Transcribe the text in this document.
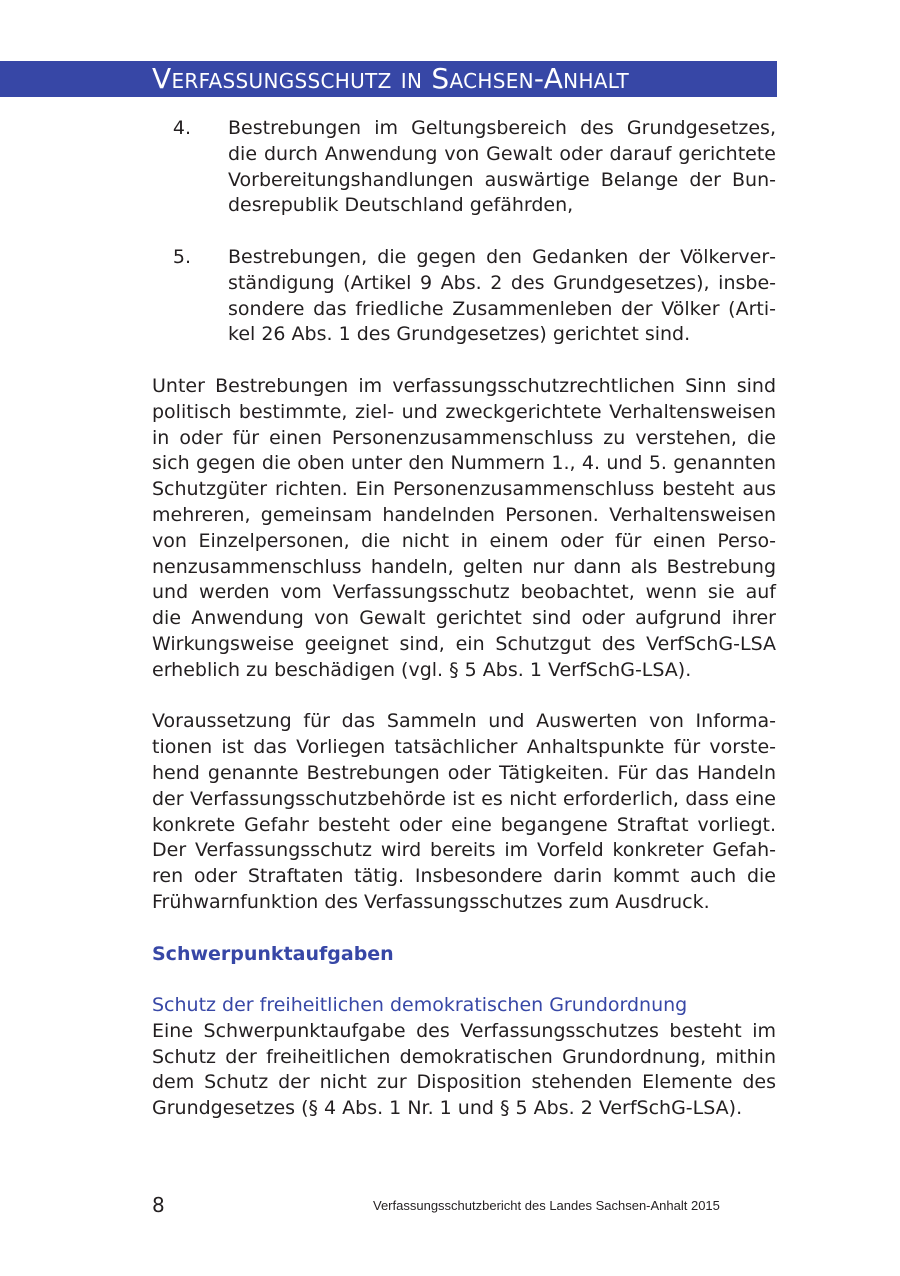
Verfassungsschutz in Sachsen-Anhalt
4.	Bestrebungen im Geltungsbereich des Grundgesetzes, die durch Anwendung von Gewalt oder darauf gerichtete Vorbereitungshandlungen auswärtige Belange der Bundesrepublik Deutschland gefährden,
5.	Bestrebungen, die gegen den Gedanken der Völkerverständigung (Artikel 9 Abs. 2 des Grundgesetzes), insbesondere das friedliche Zusammenleben der Völker (Artikel 26 Abs. 1 des Grundgesetzes) gerichtet sind.

Unter Bestrebungen im verfassungsschutzrechtlichen Sinn sind politisch bestimmte, ziel- und zweckgerichtete Verhaltensweisen in oder für einen Personenzusammenschluss zu verstehen, die sich gegen die oben unter den Nummern 1., 4. und 5. genannten Schutzgüter richten. Ein Personenzusammenschluss besteht aus mehreren, gemeinsam handelnden Personen. Verhaltensweisen von Einzelpersonen, die nicht in einem oder für einen Personenzusammenschluss handeln, gelten nur dann als Bestrebung und werden vom Verfassungsschutz beobachtet, wenn sie auf die Anwendung von Gewalt gerichtet sind oder aufgrund ihrer Wirkungsweise geeignet sind, ein Schutzgut des VerfSchG-LSA erheblich zu beschädigen (vgl. § 5 Abs. 1 VerfSchG-LSA).

Voraussetzung für das Sammeln und Auswerten von Informationen ist das Vorliegen tatsächlicher Anhaltspunkte für vorstehend genannte Bestrebungen oder Tätigkeiten. Für das Handeln der Verfassungsschutzbehörde ist es nicht erforderlich, dass eine konkrete Gefahr besteht oder eine begangene Straftat vorliegt. Der Verfassungsschutz wird bereits im Vorfeld konkreter Gefahren oder Straftaten tätig. Insbesondere darin kommt auch die Frühwarnfunktion des Verfassungsschutzes zum Ausdruck.

Schwerpunktaufgaben

Schutz der freiheitlichen demokratischen Grundordnung

Eine Schwerpunktaufgabe des Verfassungsschutzes besteht im Schutz der freiheitlichen demokratischen Grundordnung, mithin dem Schutz der nicht zur Disposition stehenden Elemente des Grundgesetzes (§ 4 Abs. 1 Nr. 1 und § 5 Abs. 2 VerfSchG-LSA).

8	Verfassungsschutzbericht des Landes Sachsen-Anhalt 2015
